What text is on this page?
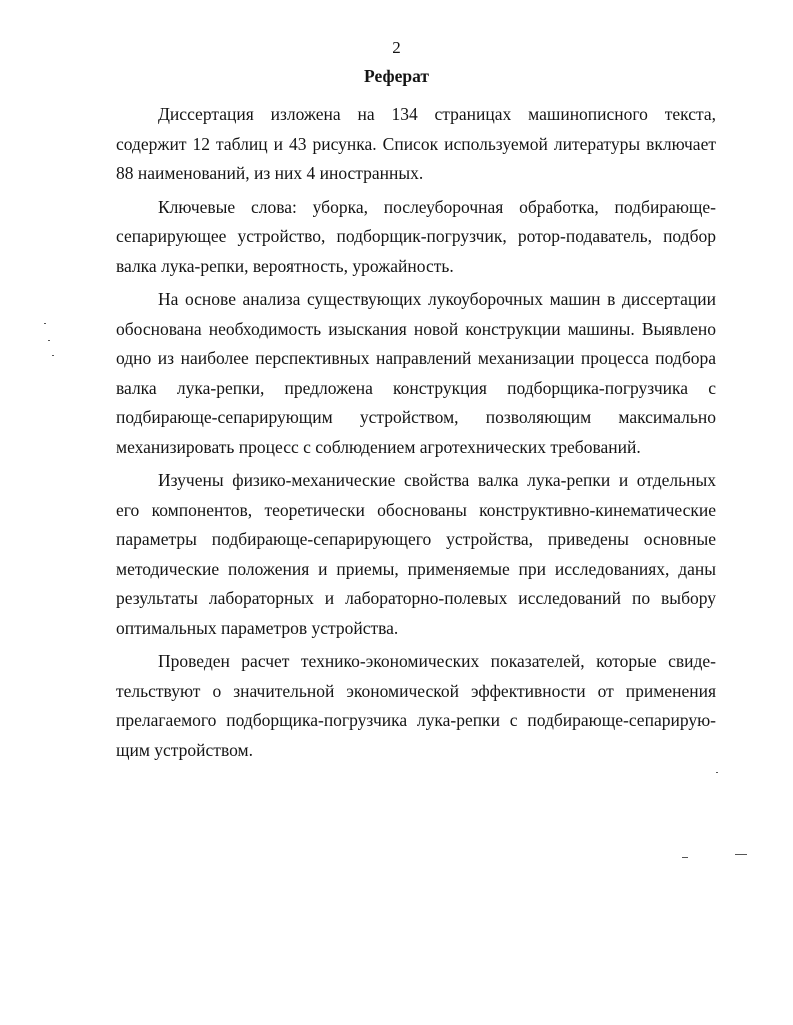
2
Реферат

Диссертация изложена на 134 страницах машинописного текста, содержит 12 таблиц и 43 рисунка. Список используемой литературы включает 88 наименований, из них 4 иностранных.

Ключевые слова: уборка, послеуборочная обработка, подбирающе-сепарирующее устройство, подборщик-погрузчик, ротор-подаватель, подбор валка лука-репки, вероятность, урожайность.

На основе анализа существующих лукоуборочных машин в диссертации обоснована необходимость изыскания новой конструкции машины. Выявлено одно из наиболее перспективных направлений механизации процесса подбора валка лука-репки, предложена конструкция подборщика-погрузчика с подбирающе-сепарирующим устройством, позволяющим максимально механизировать процесс с соблюдением агротехнических требований.

Изучены физико-механические свойства валка лука-репки и отдельных его компонентов, теоретически обоснованы конструктивно-кинематические параметры подбирающе-сепарирующего устройства, приведены основные методические положения и приемы, применяемые при исследованиях, даны результаты лабораторных и лабораторно-полевых исследований по выбору оптимальных параметров устройства.

Проведен расчет технико-экономических показателей, которые свидетельствуют о значительной экономической эффективности от применения прелагаемого подборщика-погрузчика лука-репки с подбирающе-сепарирующим устройством.
